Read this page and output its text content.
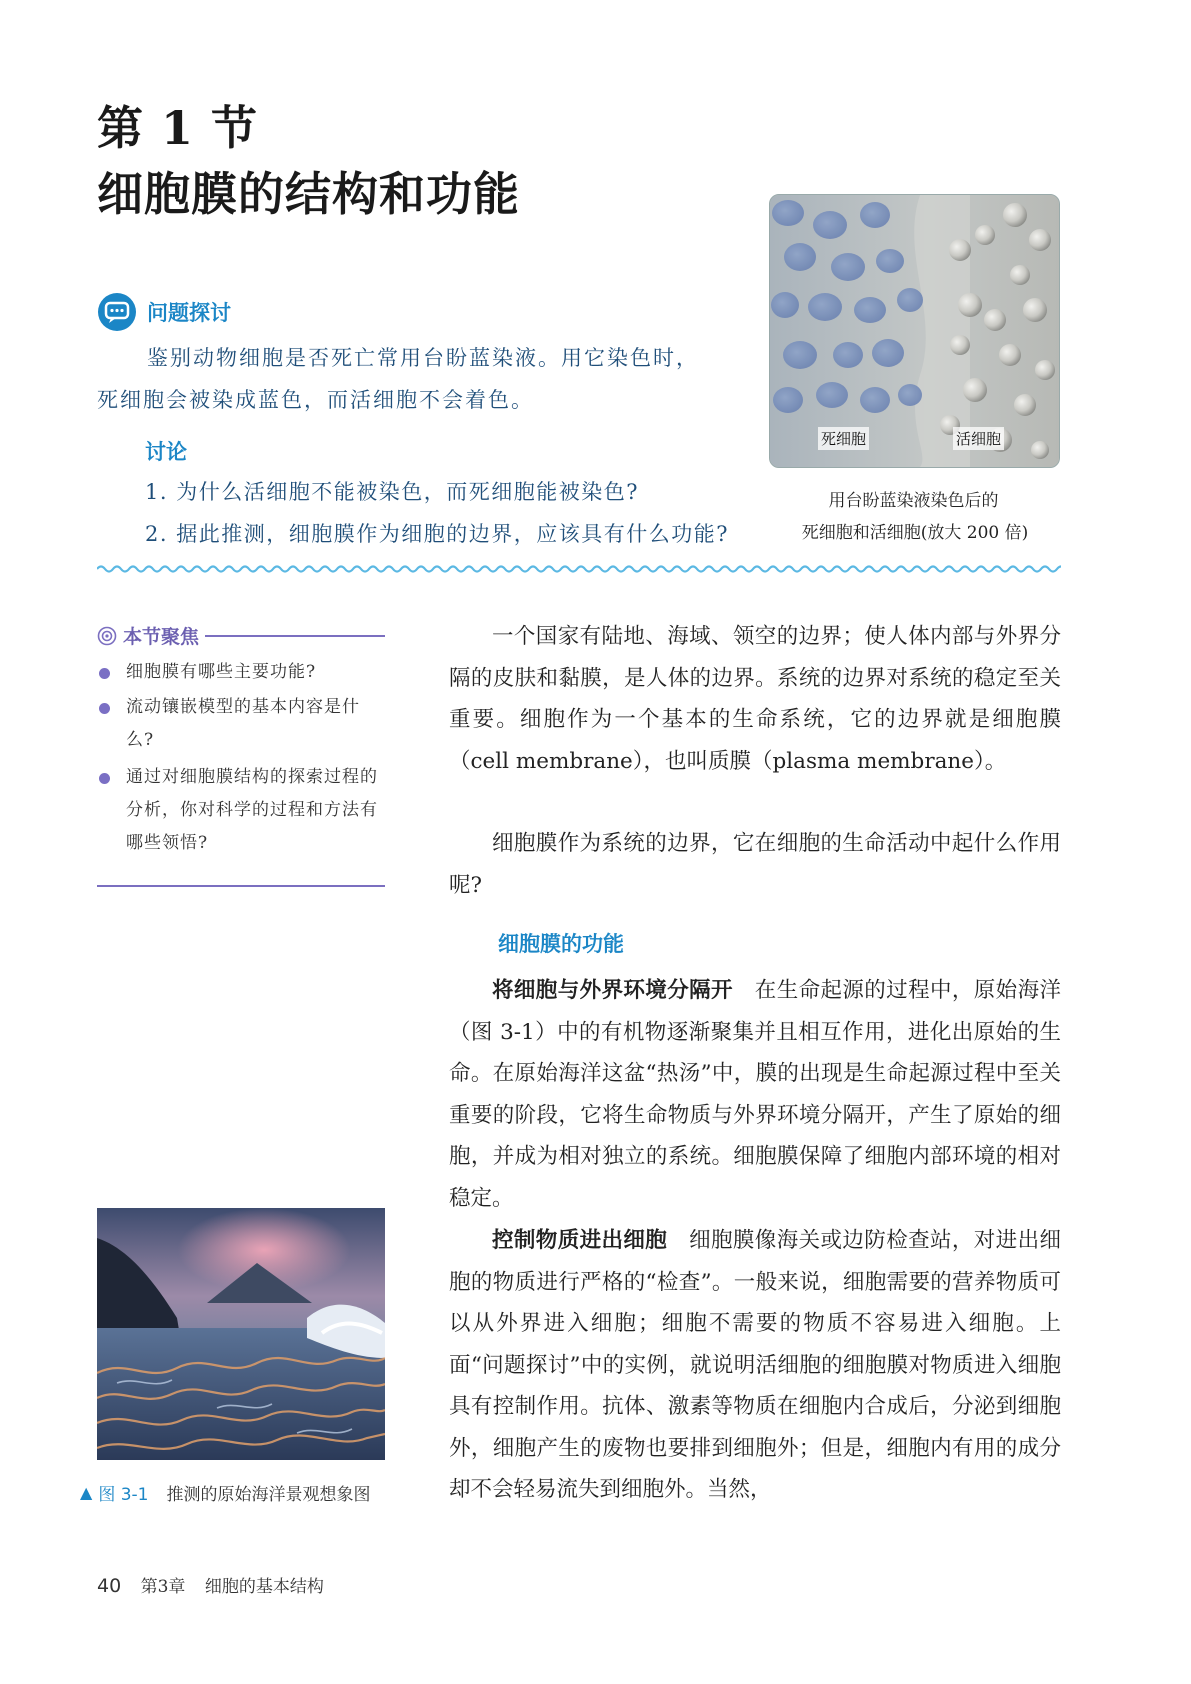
第 1 节
细胞膜的结构和功能
问题探讨
鉴别动物细胞是否死亡常用台盼蓝染液。用它染色时，
死细胞会被染成蓝色，而活细胞不会着色。
讨论
1. 为什么活细胞不能被染色，而死细胞能被染色?
2. 据此推测，细胞膜作为细胞的边界，应该具有什么功能?
死细胞	活细胞
用台盼蓝染液染色后的
死细胞和活细胞(放大 200 倍)
本节聚焦
细胞膜有哪些主要功能?
流动镶嵌模型的基本内容是什么?
通过对细胞膜结构的探索过程的分析，你对科学的过程和方法有哪些领悟?
一个国家有陆地、海域、领空的边界；使人体内部与外界分隔的皮肤和黏膜，是人体的边界。系统的边界对系统的稳定至关重要。细胞作为一个基本的生命系统，它的边界就是细胞膜（cell membrane），也叫质膜（plasma membrane）。
细胞膜作为系统的边界，它在细胞的生命活动中起什么作用呢?
细胞膜的功能
将细胞与外界环境分隔开  在生命起源的过程中，原始海洋（图 3-1）中的有机物逐渐聚集并且相互作用，进化出原始的生命。在原始海洋这盆“热汤”中，膜的出现是生命起源过程中至关重要的阶段，它将生命物质与外界环境分隔开，产生了原始的细胞，并成为相对独立的系统。细胞膜保障了细胞内部环境的相对稳定。
控制物质进出细胞  细胞膜像海关或边防检查站，对进出细胞的物质进行严格的“检查”。一般来说，细胞需要的营养物质可以从外界进入细胞；细胞不需要的物质不容易进入细胞。上面“问题探讨”中的实例，就说明活细胞的细胞膜对物质进入细胞具有控制作用。抗体、激素等物质在细胞内合成后，分泌到细胞外，细胞产生的废物也要排到细胞外；但是，细胞内有用的成分却不会轻易流失到细胞外。当然，
▲ 图 3-1 推测的原始海洋景观想象图
40 第3章 细胞的基本结构
